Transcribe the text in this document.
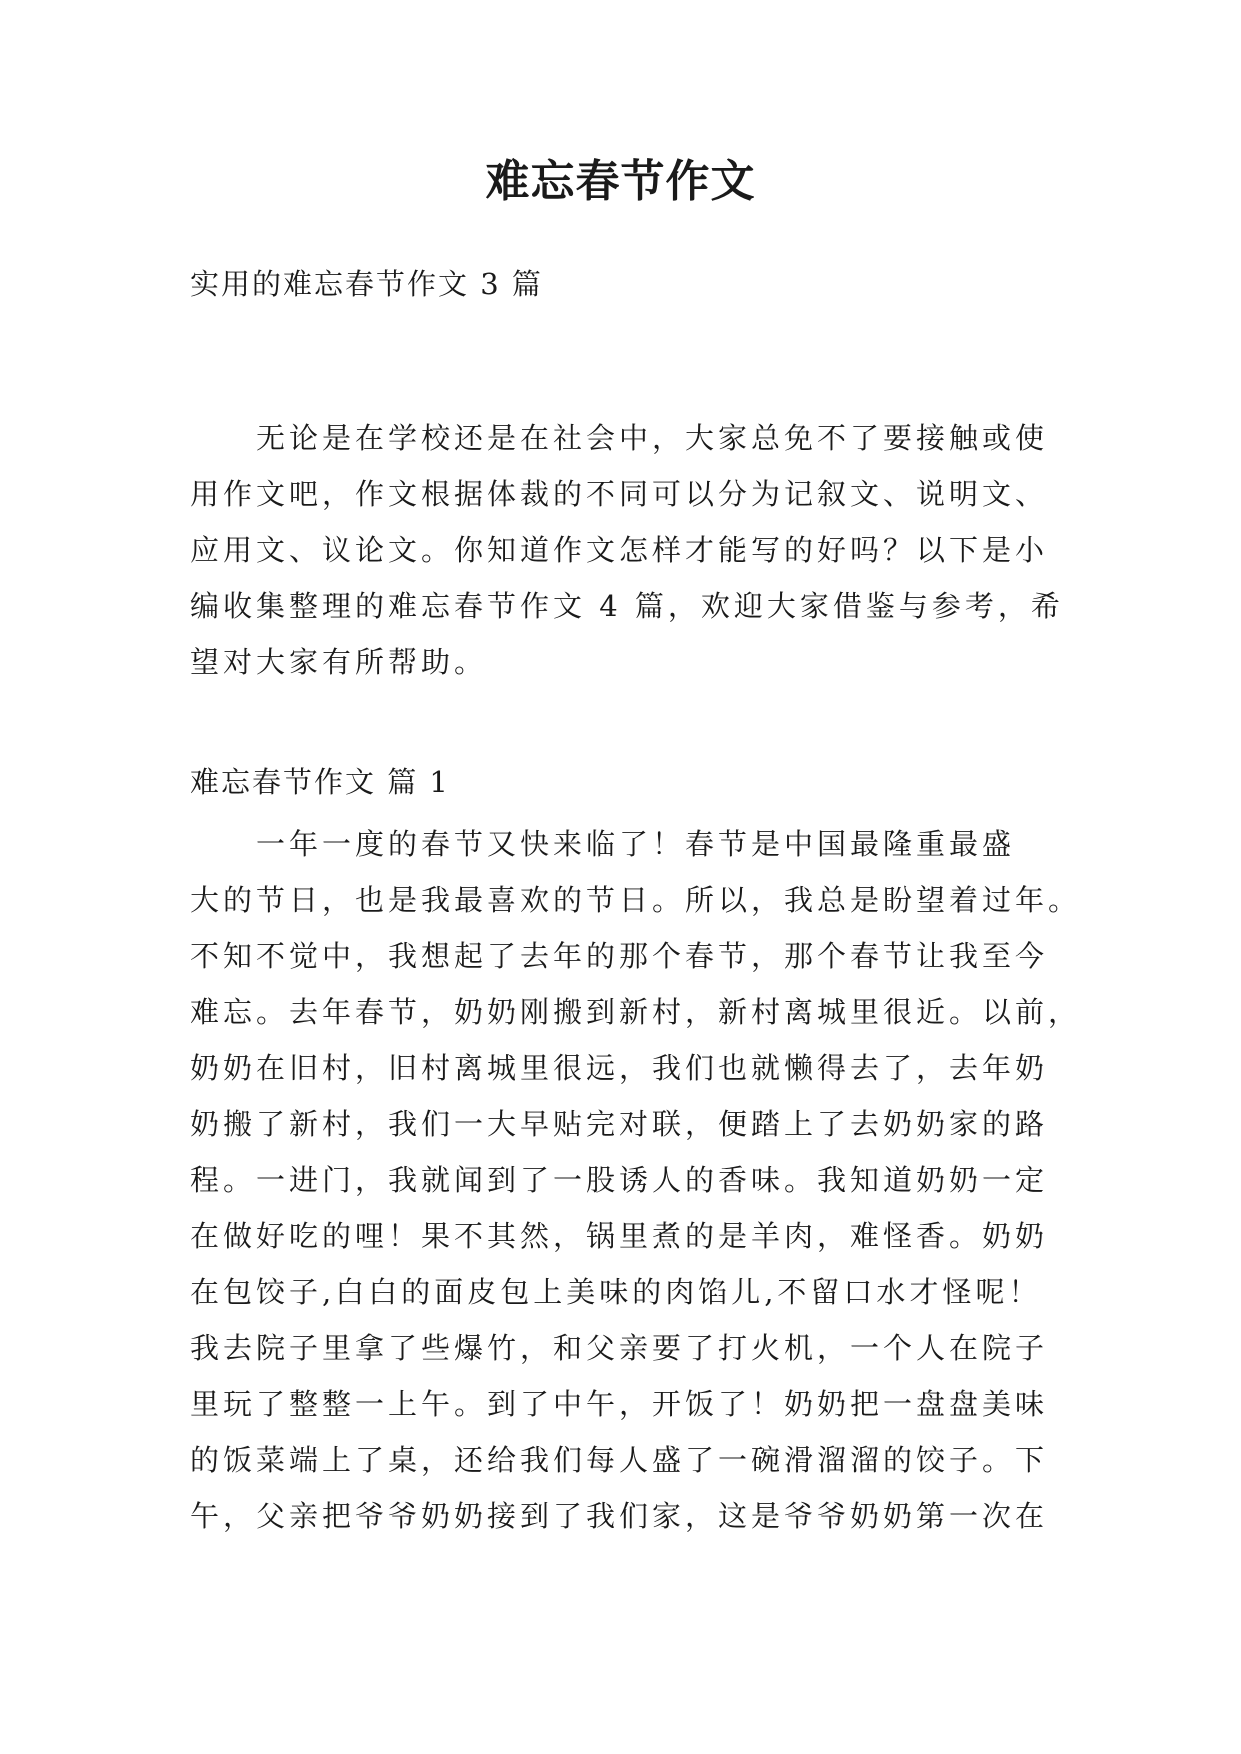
难忘春节作文

实用的难忘春节作文 3 篇

　　无论是在学校还是在社会中，大家总免不了要接触或使
用作文吧，作文根据体裁的不同可以分为记叙文、说明文、
应用文、议论文。你知道作文怎样才能写的好吗？以下是小
编收集整理的难忘春节作文 4 篇，欢迎大家借鉴与参考，希
望对大家有所帮助。

难忘春节作文 篇 1

　　一年一度的春节又快来临了！春节是中国最隆重最盛
大的节日，也是我最喜欢的节日。所以，我总是盼望着过年。
不知不觉中，我想起了去年的那个春节，那个春节让我至今
难忘。去年春节，奶奶刚搬到新村，新村离城里很近。以前，
奶奶在旧村，旧村离城里很远，我们也就懒得去了，去年奶
奶搬了新村，我们一大早贴完对联，便踏上了去奶奶家的路
程。一进门，我就闻到了一股诱人的香味。我知道奶奶一定
在做好吃的哩！果不其然，锅里煮的是羊肉，难怪香。奶奶
在包饺子,白白的面皮包上美味的肉馅儿,不留口水才怪呢！
我去院子里拿了些爆竹，和父亲要了打火机，一个人在院子
里玩了整整一上午。到了中午，开饭了！奶奶把一盘盘美味
的饭菜端上了桌，还给我们每人盛了一碗滑溜溜的饺子。下
午，父亲把爷爷奶奶接到了我们家，这是爷爷奶奶第一次在
